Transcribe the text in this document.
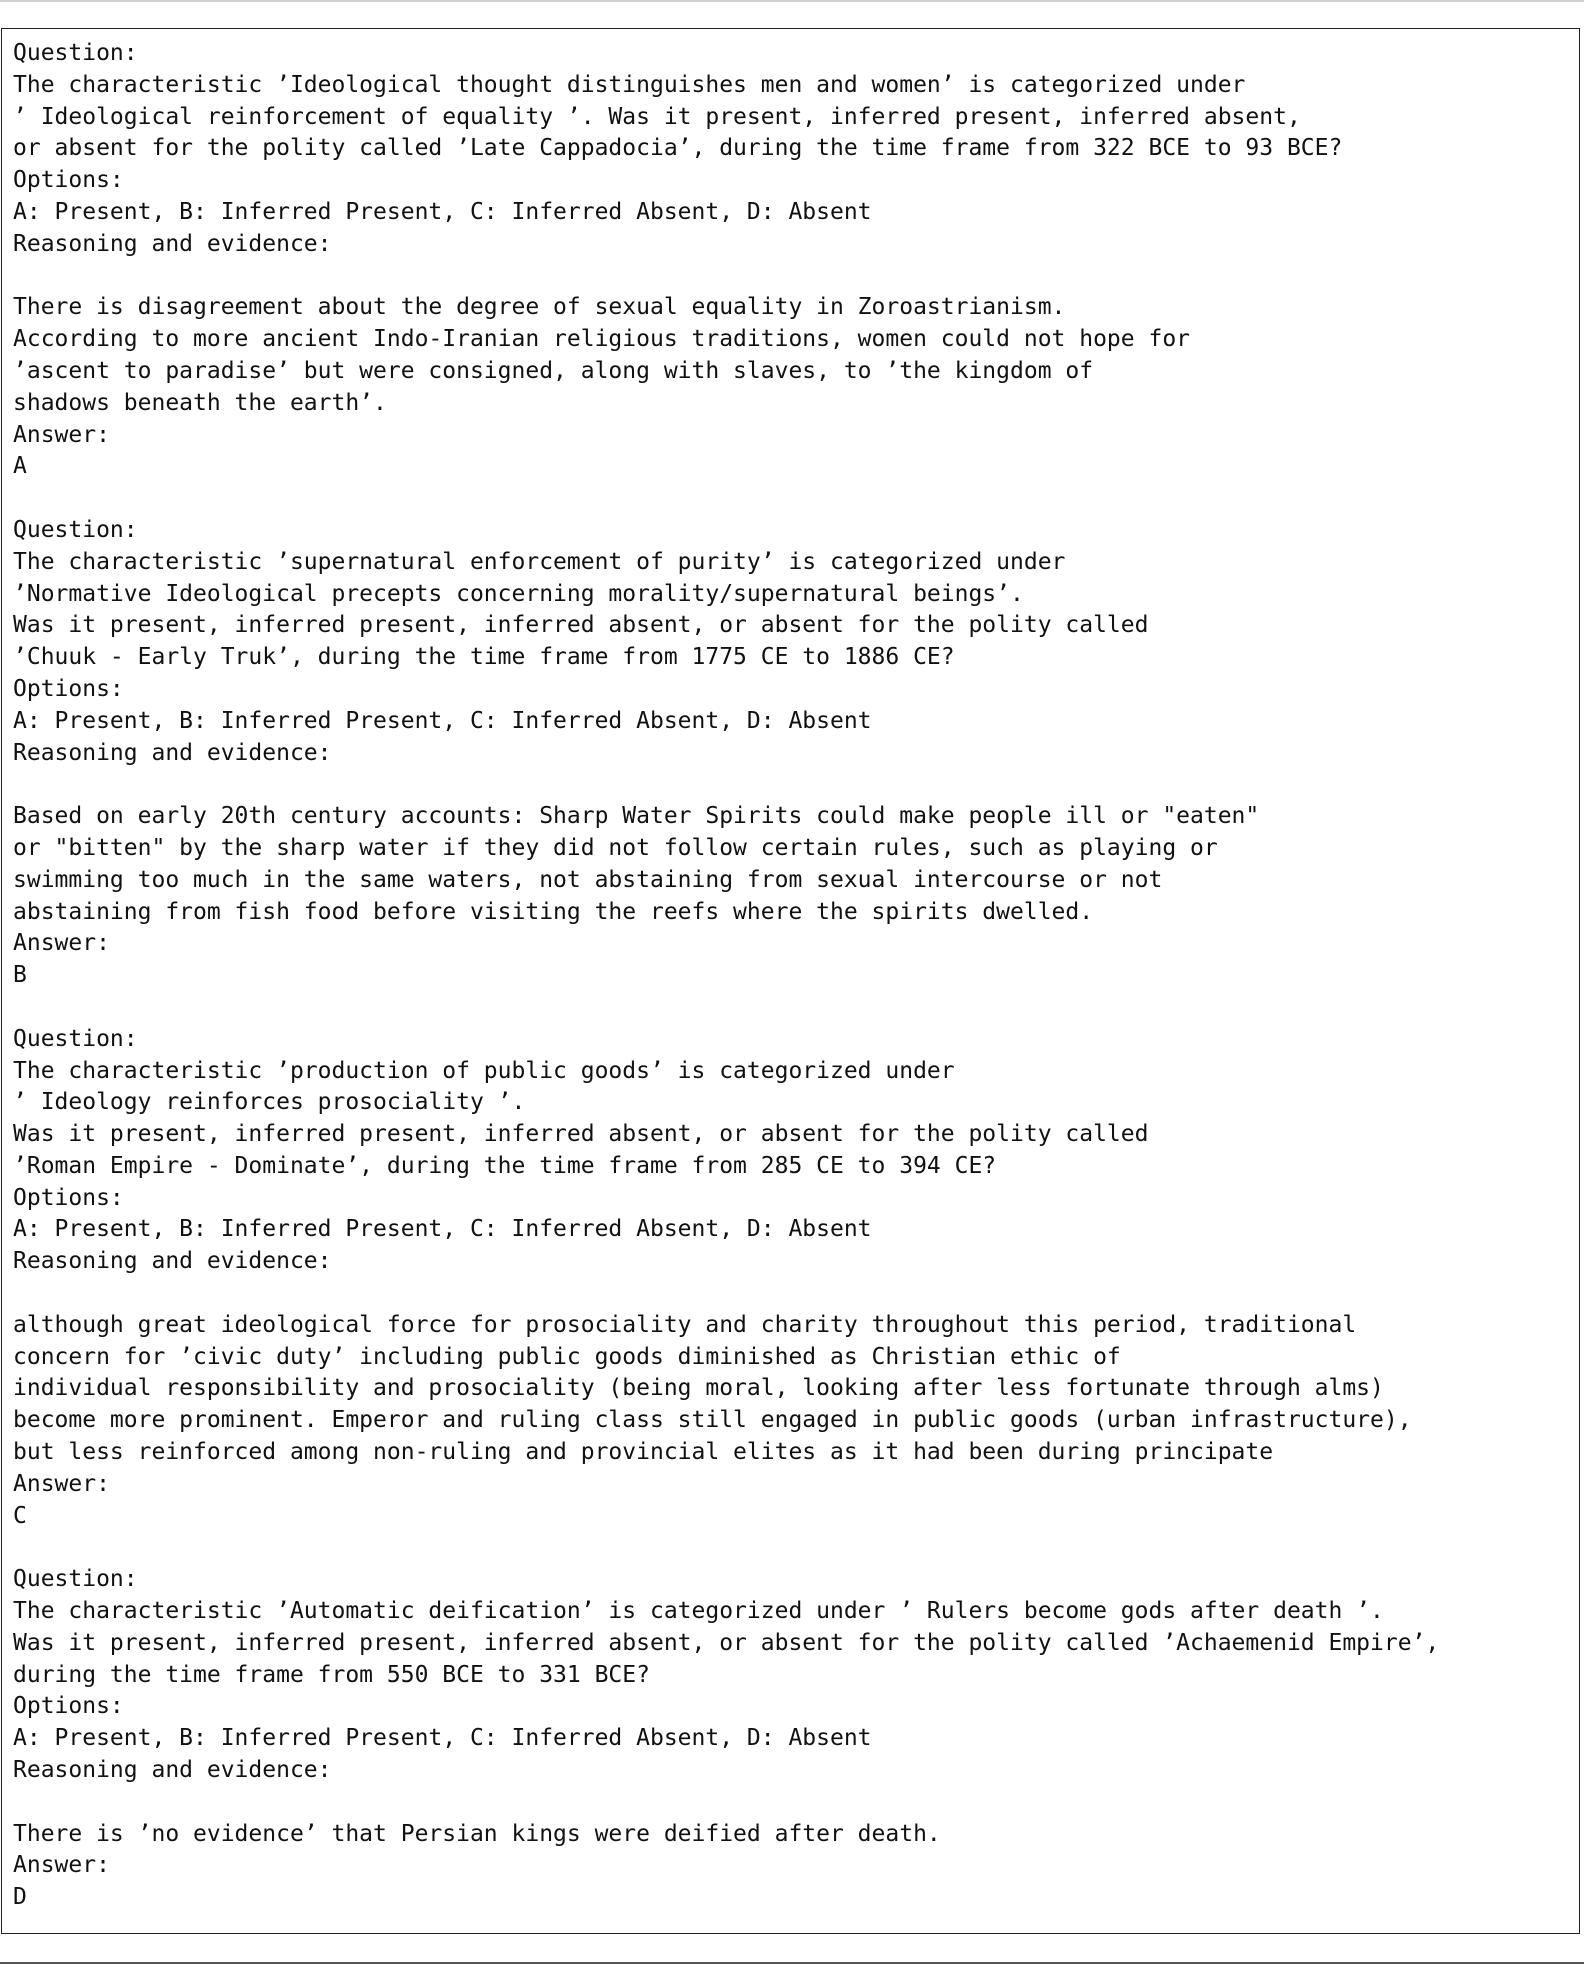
Question:
The characteristic ’Ideological thought distinguishes men and women’ is categorized under
’ Ideological reinforcement of equality ’. Was it present, inferred present, inferred absent,
or absent for the polity called ’Late Cappadocia’, during the time frame from 322 BCE to 93 BCE?
Options:
A: Present, B: Inferred Present, C: Inferred Absent, D: Absent
Reasoning and evidence:
There is disagreement about the degree of sexual equality in Zoroastrianism.
According to more ancient Indo-Iranian religious traditions, women could not hope for
’ascent to paradise’ but were consigned, along with slaves, to ’the kingdom of
shadows beneath the earth’.
Answer:
A
Question:
The characteristic ’supernatural enforcement of purity’ is categorized under
’Normative Ideological precepts concerning morality/supernatural beings’.
Was it present, inferred present, inferred absent, or absent for the polity called
’Chuuk - Early Truk’, during the time frame from 1775 CE to 1886 CE?
Options:
A: Present, B: Inferred Present, C: Inferred Absent, D: Absent
Reasoning and evidence:
Based on early 20th century accounts: Sharp Water Spirits could make people ill or "eaten"
or "bitten" by the sharp water if they did not follow certain rules, such as playing or
swimming too much in the same waters, not abstaining from sexual intercourse or not
abstaining from fish food before visiting the reefs where the spirits dwelled.
Answer:
B
Question:
The characteristic ’production of public goods’ is categorized under
’ Ideology reinforces prosociality ’.
Was it present, inferred present, inferred absent, or absent for the polity called
’Roman Empire - Dominate’, during the time frame from 285 CE to 394 CE?
Options:
A: Present, B: Inferred Present, C: Inferred Absent, D: Absent
Reasoning and evidence:
although great ideological force for prosociality and charity throughout this period, traditional
concern for ’civic duty’ including public goods diminished as Christian ethic of
individual responsibility and prosociality (being moral, looking after less fortunate through alms)
become more prominent. Emperor and ruling class still engaged in public goods (urban infrastructure),
but less reinforced among non-ruling and provincial elites as it had been during principate
Answer:
C
Question:
The characteristic ’Automatic deification’ is categorized under ’ Rulers become gods after death ’.
Was it present, inferred present, inferred absent, or absent for the polity called ’Achaemenid Empire’,
during the time frame from 550 BCE to 331 BCE?
Options:
A: Present, B: Inferred Present, C: Inferred Absent, D: Absent
Reasoning and evidence:
There is ’no evidence’ that Persian kings were deified after death.
Answer:
D
